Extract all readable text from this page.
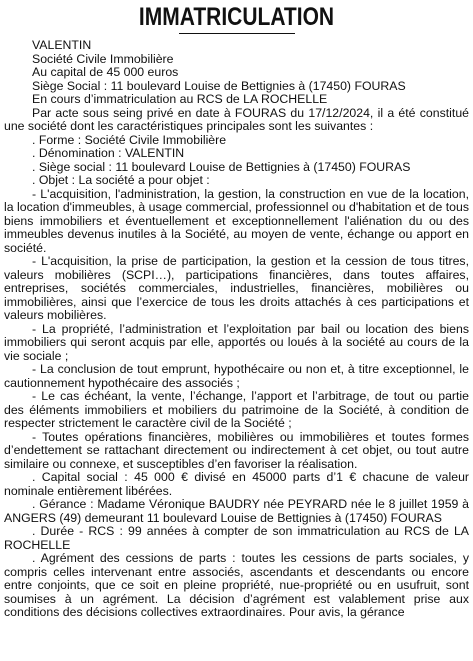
IMMATRICULATION

VALENTIN

Société Civile Immobilière

Au capital de 45 000 euros

Siège Social : 11 boulevard Louise de Bettignies à (17450) FOURAS

En cours d’immatriculation au RCS de LA ROCHELLE

Par acte sous seing privé en date à FOURAS du 17/12/2024, il a été constitué une société dont les caractéristiques principales sont les suivantes :

. Forme : Société Civile Immobilière

. Dénomination : VALENTIN

. Siège social : 11 boulevard Louise de Bettignies à (17450) FOURAS

. Objet : La société a pour objet :

- L'acquisition, l'administration, la gestion, la construction en vue de la location, la location d'immeubles, à usage commercial, professionnel ou d'habitation et de tous biens immobiliers et éventuellement et exceptionnellement l'aliénation du ou des immeubles devenus inutiles à la Société, au moyen de vente, échange ou apport en société.

- L'acquisition, la prise de participation, la gestion et la cession de tous titres, valeurs mobilières (SCPI…), participations financières, dans toutes affaires, entreprises, sociétés commerciales, industrielles, financières, mobilières ou immobilières, ainsi que l’exercice de tous les droits attachés à ces participations et valeurs mobilières.

- La propriété, l’administration et l’exploitation par bail ou location des biens immobiliers qui seront acquis par elle, apportés ou loués à la société au cours de la vie sociale ;

- La conclusion de tout emprunt, hypothécaire ou non et, à titre exceptionnel, le cautionnement hypothécaire des associés ;

- Le cas échéant, la vente, l’échange, l’apport et l’arbitrage, de tout ou partie des éléments immobiliers et mobiliers du patrimoine de la Société, à condition de respecter strictement le caractère civil de la Société ;

- Toutes opérations financières, mobilières ou immobilières et toutes formes d’endettement se rattachant directement ou indirectement à cet objet, ou tout autre similaire ou connexe, et susceptibles d’en favoriser la réalisation.

. Capital social : 45 000 € divisé en 45000 parts d’1 € chacune de valeur nominale entièrement libérées.

. Gérance : Madame Véronique BAUDRY née PEYRARD née le 8 juillet 1959 à ANGERS (49) demeurant 11 boulevard Louise de Bettignies à (17450) FOURAS

. Durée - RCS : 99 années à compter de son immatriculation au RCS de LA ROCHELLE

. Agrément des cessions de parts : toutes les cessions de parts sociales, y compris celles intervenant entre associés, ascendants et descendants ou encore entre conjoints, que ce soit en pleine propriété, nue-propriété ou en usufruit, sont soumises à un agrément. La décision d’agrément est valablement prise aux conditions des décisions collectives extraordinaires. Pour avis, la gérance
